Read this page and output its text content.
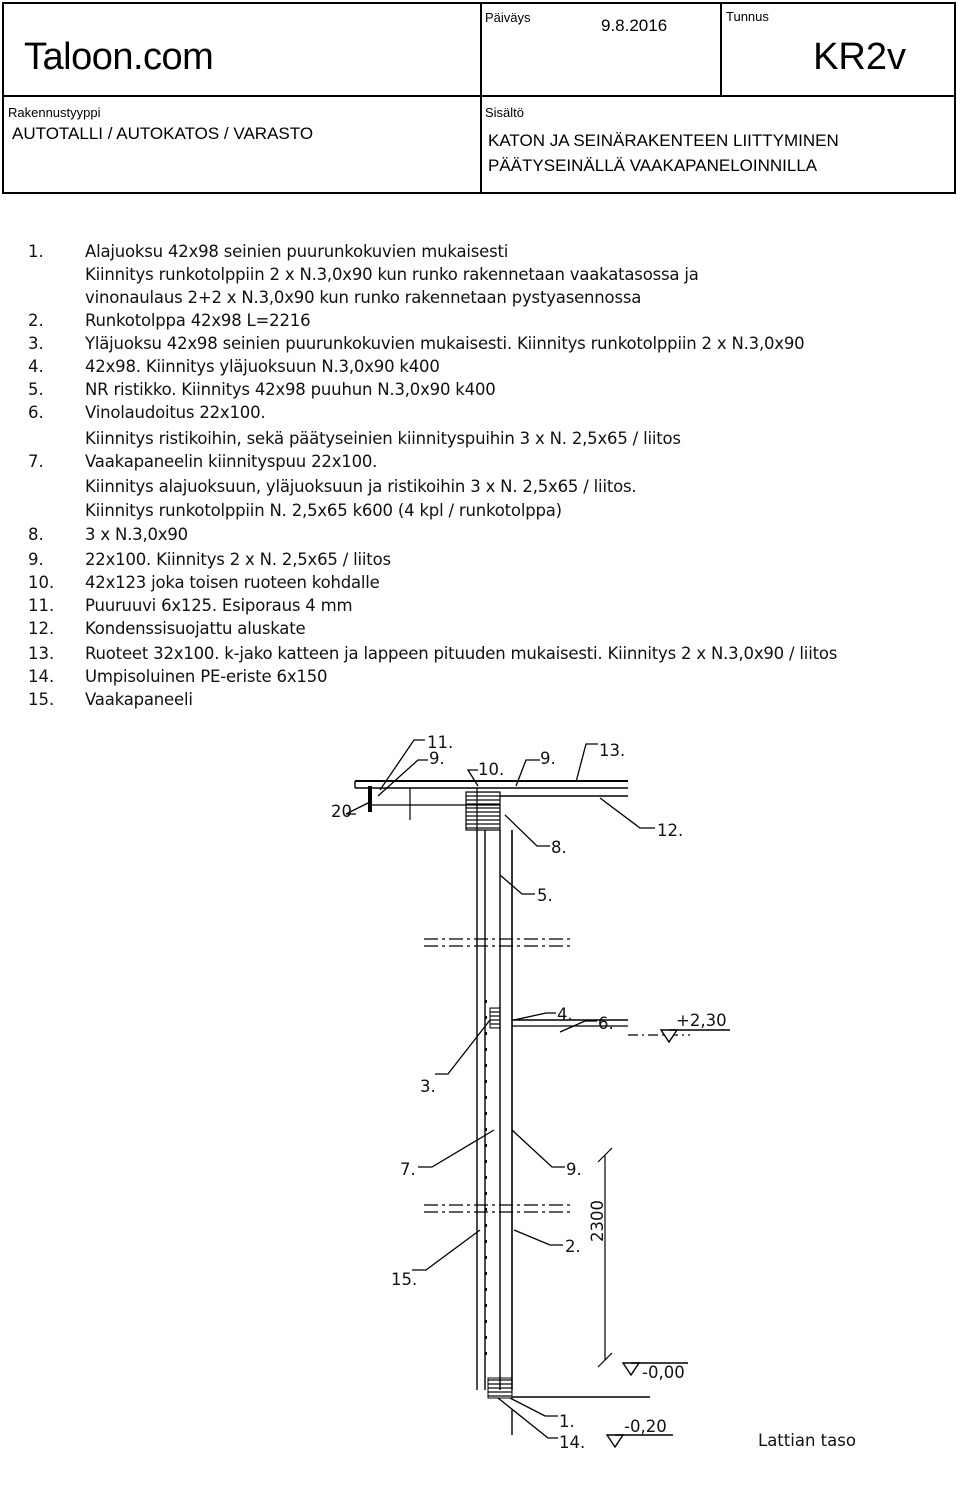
Taloon.com
Päiväys	9.8.2016	Tunnus
KR2v
Rakennustyyppi
AUTOTALLI / AUTOKATOS / VARASTO
Sisältö
KATON JA SEINÄRAKENTEEN LIITTYMINEN
PÄÄTYSEINÄLLÄ VAAKAPANELOINNILLA
1.	Alajuoksu 42x98 seinien puurunkokuvien mukaisesti
Kiinnitys runkotolppiin 2 x N.3,0x90 kun runko rakennetaan vaakatasossa ja
vinonaulaus 2+2 x N.3,0x90 kun runko rakennetaan pystyasennossa
2.	Runkotolppa 42x98 L=2216
3.	Yläjuoksu 42x98 seinien puurunkokuvien mukaisesti. Kiinnitys runkotolppiin 2 x N.3,0x90
4.	42x98. Kiinnitys yläjuoksuun N.3,0x90 k400
5.	NR ristikko. Kiinnitys 42x98 puuhun N.3,0x90 k400
6.	Vinolaudoitus 22x100.
Kiinnitys ristikoihin, sekä päätyseinien kiinnityspuihin 3 x N. 2,5x65 / liitos
7.	Vaakapaneelin kiinnityspuu 22x100.
Kiinnitys alajuoksuun, yläjuoksuun ja ristikoihin 3 x N. 2,5x65 / liitos.
Kiinnitys runkotolppiin N. 2,5x65 k600 (4 kpl / runkotolppa)
8.	3 x N.3,0x90
9.	22x100. Kiinnitys 2 x N. 2,5x65 / liitos
10. 42x123 joka toisen ruoteen kohdalle
11. Puuruuvi 6x125. Esiporaus 4 mm
12. Kondenssisuojattu aluskate
13. Ruoteet 32x100. k-jako katteen ja lappeen pituuden mukaisesti. Kiinnitys 2 x N.3,0x90 / liitos
14. Umpisoluinen PE-eriste 6x150
15. Vaakapaneeli
11.
9.
10.
9.	13.
20
12.
8.
5.
4. 6.	+2,30
3.
7.	9.
2300
2.
15.
-0,00
1.	-0,20
14.	Lattian taso
